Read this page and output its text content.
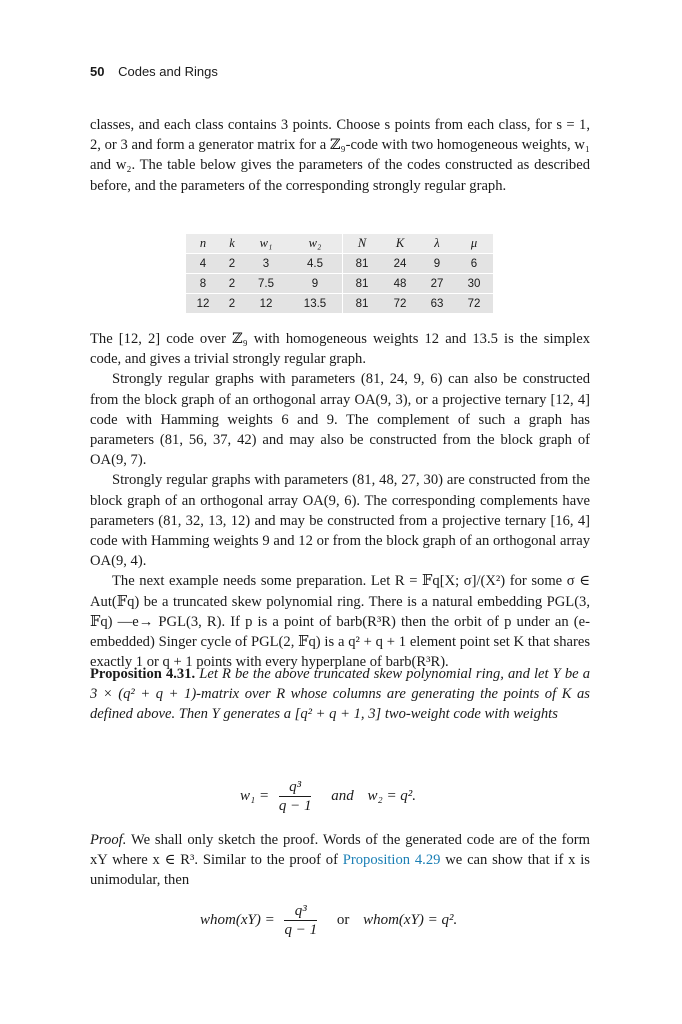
50 Codes and Rings

classes, and each class contains 3 points. Choose s points from each class, for s = 1, 2, or 3 and form a generator matrix for a ℤ₉-code with two homogeneous weights, w₁ and w₂. The table below gives the parameters of the codes constructed as described before, and the parameters of the corresponding strongly regular graph.

n	k	w₁	w₂	N	K	λ	μ
4	2	3	4.5	81	24	9	6
8	2	7.5	9	81	48	27	30
12	2	12	13.5	81	72	63	72

The [12, 2] code over ℤ₉ with homogeneous weights 12 and 13.5 is the simplex code, and gives a trivial strongly regular graph.

Strongly regular graphs with parameters (81, 24, 9, 6) can also be constructed from the block graph of an orthogonal array OA(9, 3), or a projective ternary [12, 4] code with Hamming weights 6 and 9. The complement of such a graph has parameters (81, 56, 37, 42) and may also be constructed from the block graph of OA(9, 7).

Strongly regular graphs with parameters (81, 48, 27, 30) are constructed from the block graph of an orthogonal array OA(9, 6). The corresponding complements have parameters (81, 32, 13, 12) and may be constructed from a projective ternary [16, 4] code with Hamming weights 9 and 12 or from the block graph of an orthogonal array OA(9, 4).

The next example needs some preparation. Let R = 𝔽q[X; σ]/(X²) for some σ ∈ Aut(𝔽q) be a truncated skew polynomial ring. There is a natural embedding PGL(3, 𝔽q) —e→ PGL(3, R). If p is a point of barb(R³R) then the orbit of p under an (e-embedded) Singer cycle of PGL(2, 𝔽q) is a q² + q + 1 element point set K that shares exactly 1 or q + 1 points with every hyperplane of barb(R³R).

Proposition 4.31. Let R be the above truncated skew polynomial ring, and let Y be a 3 × (q² + q + 1)-matrix over R whose columns are generating the points of K as defined above. Then Y generates a [q² + q + 1, 3] two-weight code with weights

$w_1 = \frac{\text{q³}}{q - 1}$ and w₂ = q².

Proof. We shall only sketch the proof. Words of the generated code are of the form xY where x ∈ R³. Similar to the proof of Proposition 4.29 we can show that if x is unimodular, then

whom(xY) = $\frac{\text{q³}}{q - 1}$ or whom(xY) = q².
